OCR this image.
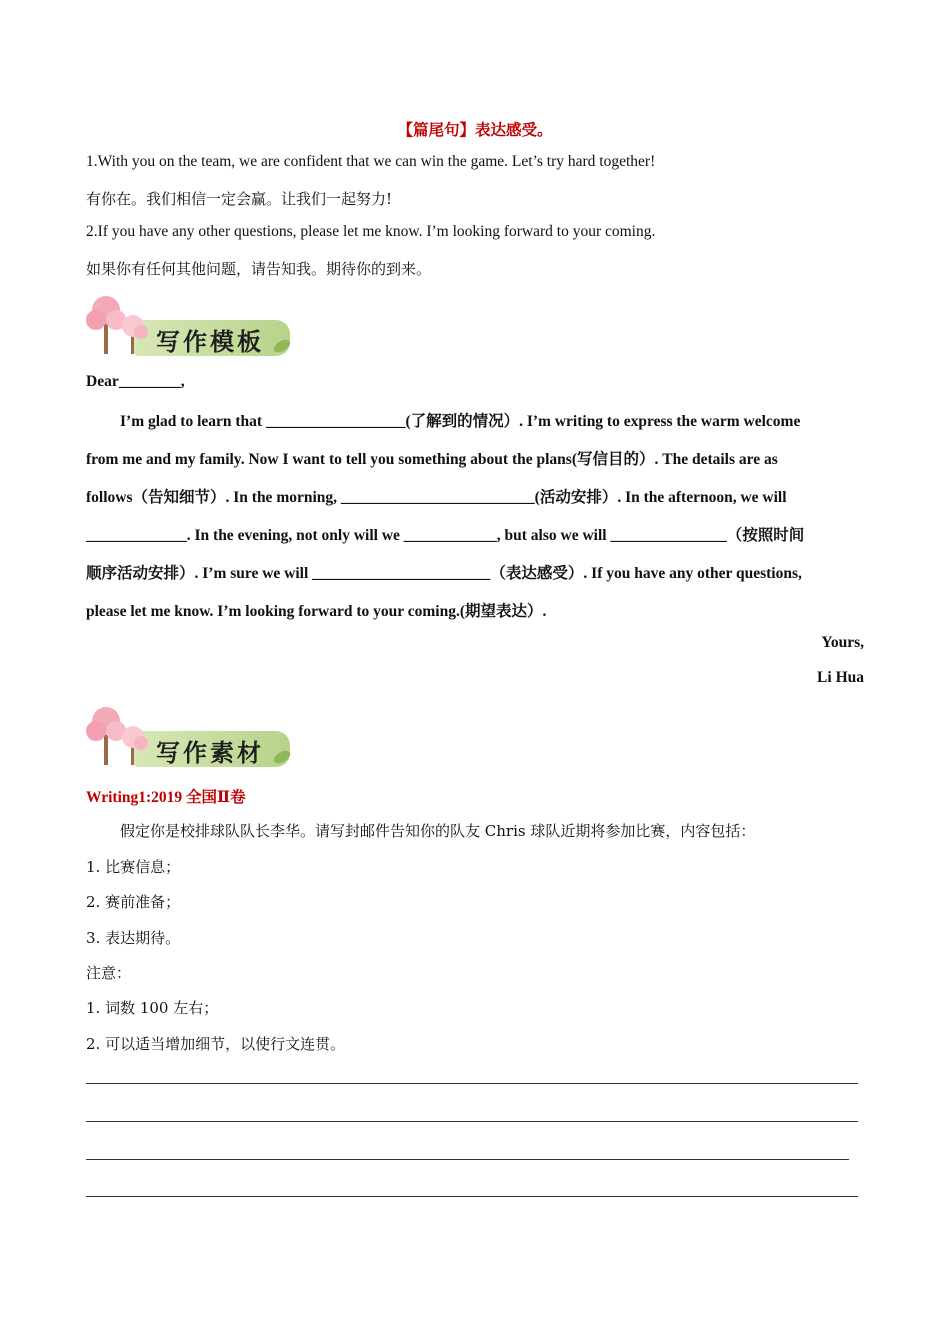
【篇尾句】表达感受。
1.With you on the team, we are confident that we can win the game. Let’s try hard together!
有你在。我们相信一定会赢。让我们一起努力!
2.If you have any other questions, please let me know. I’m looking forward to your coming.
如果你有任何其他问题，请告知我。期待你的到来。
写作模板
Dear________,
I’m glad to learn that __________________(了解到的情况）. I’m writing to express the warm welcome
from me and my family. Now I want to tell you something about the plans(写信目的）. The details are as
follows（告知细节）. In the morning, _________________________(活动安排）. In the afternoon, we will
_____________. In the evening, not only will we ____________, but also we will _______________（按照时间
顺序活动安排）. I’m sure we will _______________________（表达感受）. If you have any other questions,
please let me know. I’m looking forward to your coming.(期望表达）.
Yours,
Li Hua
写作素材
Writing1:2019 全国Ⅱ卷
假定你是校排球队队长李华。请写封邮件告知你的队友 Chris 球队近期将参加比赛，内容包括：
1. 比赛信息；
2. 赛前准备；
3. 表达期待。
注意：
1. 词数 100 左右；
2. 可以适当增加细节，以使行文连贯。
